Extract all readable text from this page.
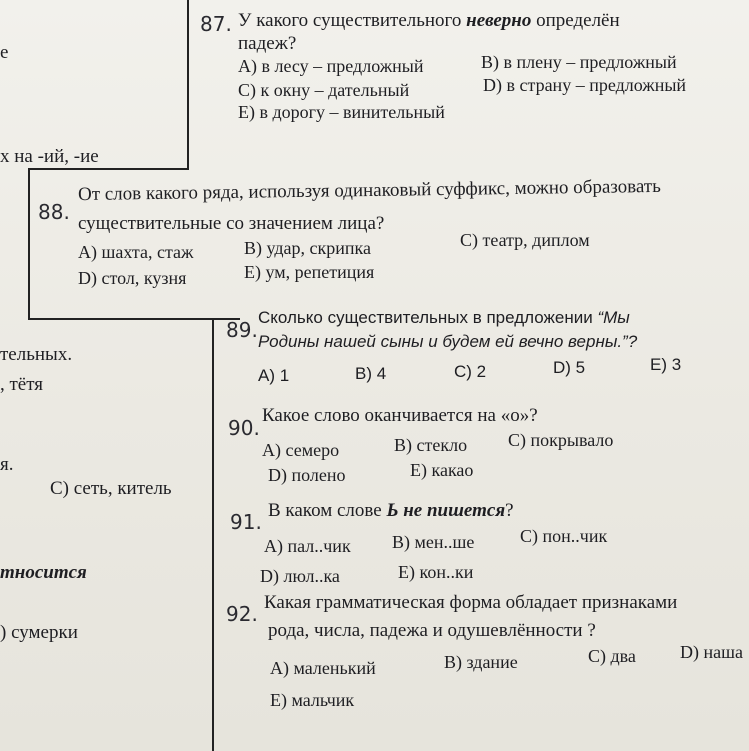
е
х на -ий, -ие
тельных.
, тётя
я.
С) сеть, китель
тносится
) сумерки
87. У какого существительного неверно определён
падеж?
А) в лесу – предложный	В) в плену – предложный
С) к окну – дательный	D) в страну – предложный
Е) в дорогу – винительный
88.
От слов какого ряда, используя одинаковый суффикс, можно образовать
существительные со значением лица?
А) шахта, стаж	В) удар, скрипка	С) театр, диплом
D) стол, кузня	Е) ум, репетиция
89.
Сколько существительных в предложении “Мы
Родины нашей сыны и будем ей вечно верны.”?
А) 1	В) 4	С) 2	D) 5	Е) 3
90.
Какое слово оканчивается на «о»?
А) семеро	В) стекло С) покрывало
D) полено	Е) какао
91. В каком слове Ь не пишется?
А) пал..чик В) мен..ше	С) пон..чик
D) люл..ка	Е) кон..ки
92. Какая грамматическая форма обладает признаками
рода, числа, падежа и одушевлённости ?
А) маленький	В) здание	С) два D) наша
Е) мальчик
